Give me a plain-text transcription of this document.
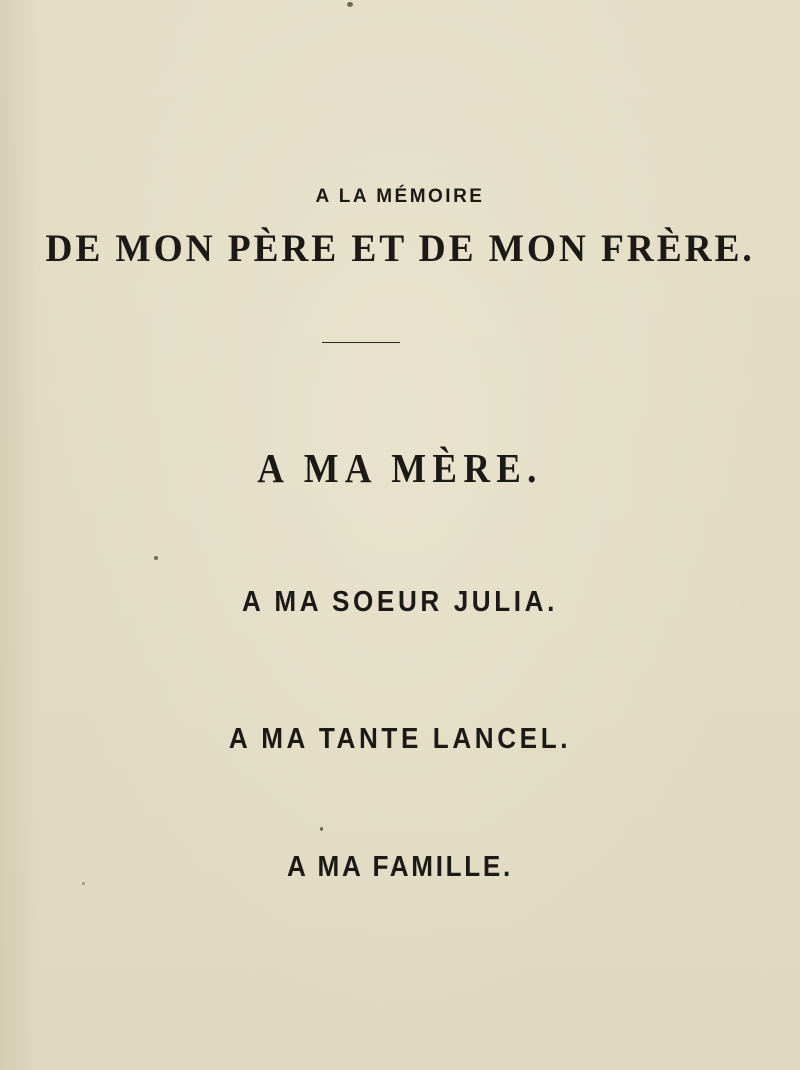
A LA MÉMOIRE
DE MON PÈRE ET DE MON FRÈRE.
A MA MÈRE.
A MA SOEUR JULIA.
A MA TANTE LANCEL.
A MA FAMILLE.
